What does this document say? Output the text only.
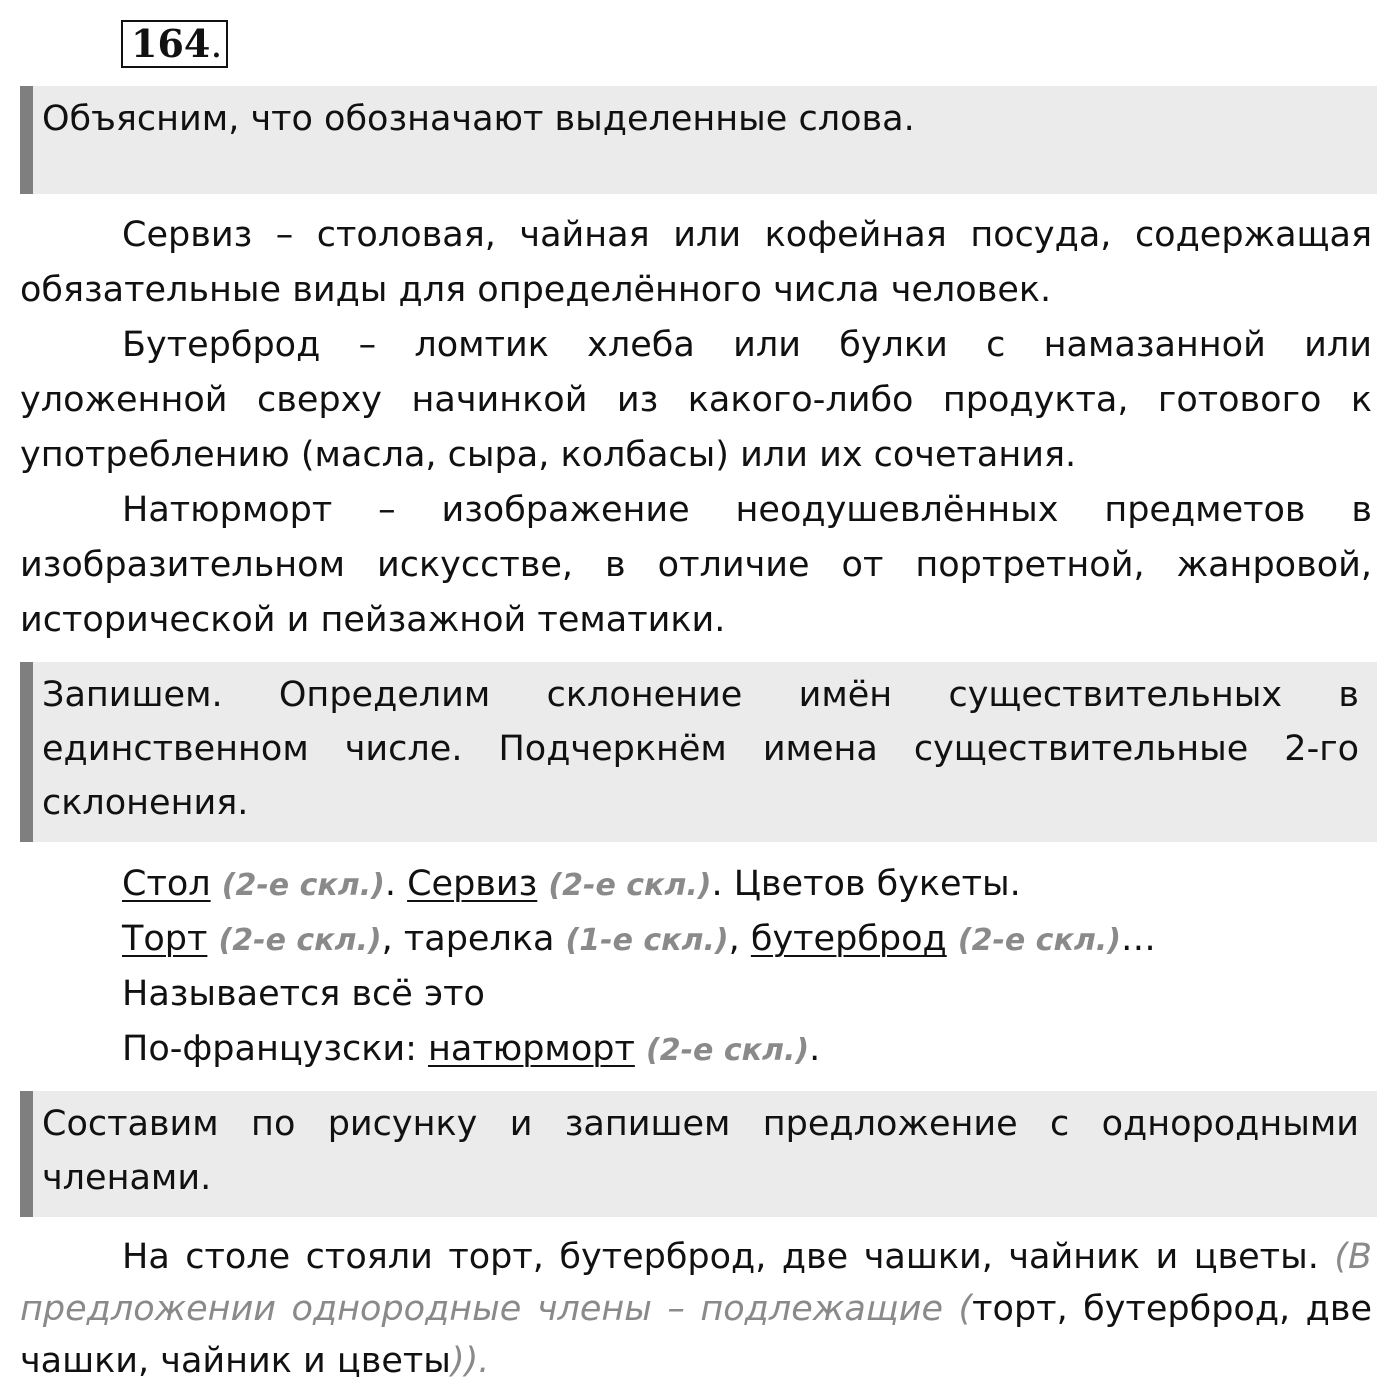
164.
Объясним, что обозначают выделенные слова.

Сервиз – столовая, чайная или кофейная посуда, содержащая обязательные виды для определённого числа человек.

Бутерброд – ломтик хлеба или булки с намазанной или уложенной сверху начинкой из какого-либо продукта, готового к употреблению (масла, сыра, колбасы) или их сочетания.

Натюрморт – изображение неодушевлённых предметов в изобразительном искусстве, в отличие от портретной, жанровой, исторической и пейзажной тематики.

Запишем. Определим склонение имён существительных в единственном числе. Подчеркнём имена существительные 2-го склонения.
Стол (2-е скл.). Сервиз (2-е скл.). Цветов букеты.
Торт (2-е скл.), тарелка (1-е скл.), бутерброд (2-е скл.)…
Называется всё это
По-французски: натюрморт (2-е скл.).
Составим по рисунку и запишем предложение с однородными членами.

На столе стояли торт, бутерброд, две чашки, чайник и цветы. (В предложении однородные члены – подлежащие (торт, бутерброд, две чашки, чайник и цветы)).
